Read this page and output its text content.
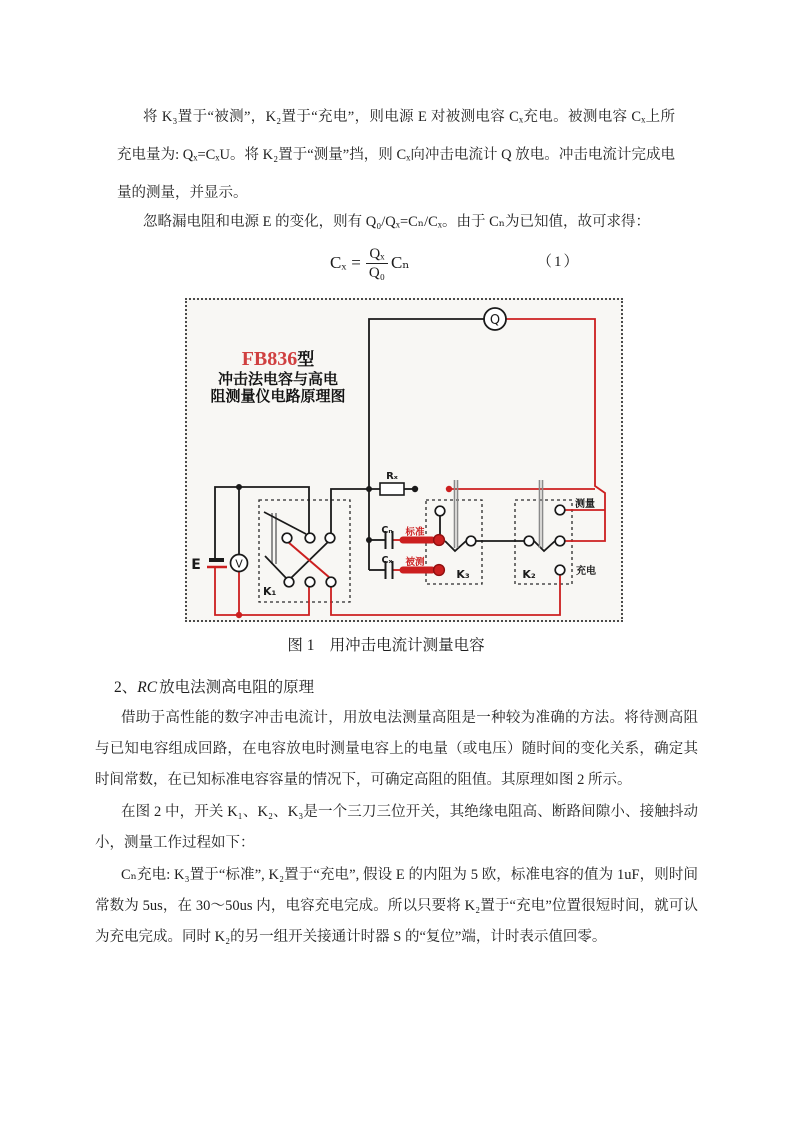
将 K₃置于“被测”，K₂置于“充电”，则电源 E 对被测电容 Cₓ充电。被测电容 Cₓ上所充电量为: Qₓ=CₓU。将 K₂置于“测量”挡，则 Cₓ向冲击电流计 Q 放电。冲击电流计完成电量的测量，并显示。

忽略漏电阻和电源 E 的变化，则有 Q₀/Qₓ=Cₙ/Cₓ。由于 Cₙ为已知值，故可求得：

$C_x = \frac{\text{Qₓ}}{\text{Q₀}}$ Cₙ	（1）
Q
Rₓ
E	V
Cₙ 标准
Cₓ 被测
K₁
K₃	K₂
测量
充电
FB836型
冲击法电容与高电
阻测量仪电路原理图
图 1 用冲击电流计测量电容
2、RC 放电法测高电阻的原理

借助于高性能的数字冲击电流计，用放电法测量高阻是一种较为准确的方法。将待测高阻与已知电容组成回路，在电容放电时测量电容上的电量（或电压）随时间的变化关系，确定其时间常数，在已知标准电容容量的情况下，可确定高阻的阻值。其原理如图 2 所示。

在图 2 中，开关 K₁、K₂、K₃是一个三刀三位开关，其绝缘电阻高、断路间隙小、接触抖动小，测量工作过程如下：

Cₙ充电: K₃置于“标准”, K₂置于“充电”, 假设 E 的内阻为 5 欧，标准电容的值为 1uF，则时间常数为 5us，在 30～50us 内，电容充电完成。所以只要将 K₂置于“充电”位置很短时间，就可认为充电完成。同时 K₂的另一组开关接通计时器 S 的“复位”端，计时表示值回零。
